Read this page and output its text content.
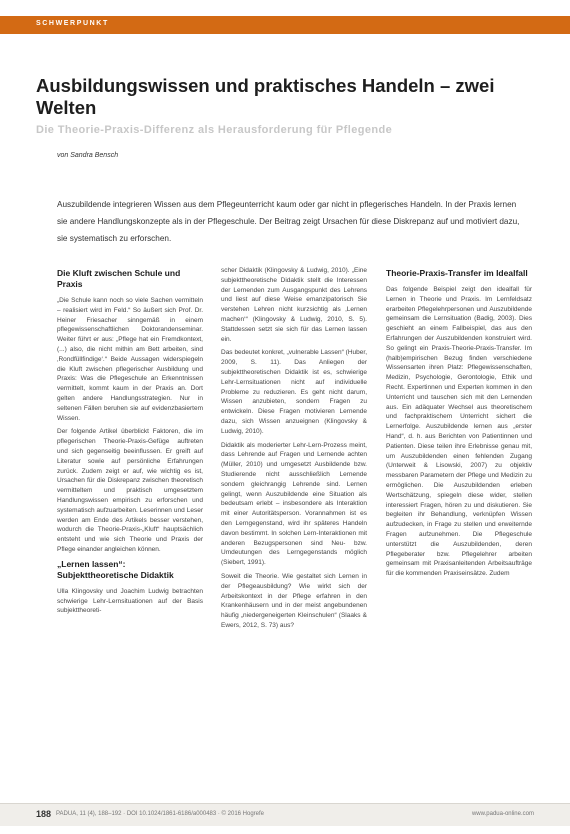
SCHWERPUNKT
Ausbildungswissen und praktisches Handeln – zwei Welten
Die Theorie-Praxis-Differenz als Herausforderung für Pflegende
von Sandra Bensch
Auszubildende integrieren Wissen aus dem Pflegeunterricht kaum oder gar nicht in pflegerisches Handeln. In der Praxis lernen sie andere Handlungskonzepte als in der Pflegeschule. Der Beitrag zeigt Ursachen für diese Diskrepanz auf und motiviert dazu, sie systematisch zu erforschen.
Die Kluft zwischen Schule und Praxis

„Die Schule kann noch so viele Sachen vermitteln – realisiert wird im Feld.“ So äußert sich Prof. Dr. Heiner Friesacher sinngemäß in einem pflegewissenschaftlichen Doktorandenseminar. Weiter führt er aus: „Pflege hat ein Fremdkontext, (...) also, die nicht mithin am Bett arbeiten, sind ‚Rondfüllfindige‘.“ Beide Aussagen widerspiegeln die Kluft zwischen pflegerischer Ausbildung und Praxis: Was die Pflegeschule an Erkenntnissen vermittelt, kommt kaum in der Praxis an. Dort gelten andere Handlungsstrategien. Nur in seltenen Fällen beruhen sie auf evidenzbasiertem Wissen.

Der folgende Artikel überblickt Faktoren, die im pflegerischen Theorie-Praxis-Gefüge auftreten und sich gegenseitig beeinflussen. Er greift auf Literatur sowie auf persönliche Erfahrungen zurück. Zudem zeigt er auf, wie wichtig es ist, Ursachen für die Diskrepanz zwischen theoretisch vermitteltem und praktisch umgesetztem Handlungswissen empirisch zu erforschen und systematisch aufzuarbeiten. Leserinnen und Leser werden am Ende des Artikels besser verstehen, wodurch die Theorie-Praxis-„Kluft“ hauptsächlich entsteht und wie sich Theorie und Praxis der Pflege einander angleichen können.

„Lernen lassen“: Subjekttheoretische Didaktik

Ulla Klingovsky und Joachim Ludwig betrachten schwierige Lehr-Lernsituationen auf der Basis subjekttheoreti-

scher Didaktik (Klingovsky & Ludwig, 2010). „Eine subjekttheoretische Didaktik stellt die Interessen der Lernenden zum Ausgangspunkt des Lehrens und liest auf diese Weise emanzipatorisch Sie verstehen Lehren nicht kurzsichtig als ‚Lernen machen‘“ (Klingovsky & Ludwig, 2010, S. 5). Stattdessen setzt sie sich für das Lernen lassen ein.

Das bedeutet konkret, „vulnerable Lassen“ (Huber, 2009, S. 11). Das Anliegen der subjekttheoretischen Didaktik ist es, schwierige Lehr-Lernsituationen nicht auf individuelle Probleme zu reduzieren. Es geht nicht darum, Wissen anzubieten, sondern Fragen zu entwickeln. Diese Fragen motivieren Lernende dazu, sich Wissen anzueignen (Klingovsky & Ludwig, 2010).

Didaktik als moderierter Lehr-Lern-Prozess meint, dass Lehrende auf Fragen und Lernende achten (Müller, 2010) und umgesetzt Ausbildende bzw. Studierende nicht ausschließlich Lernende sondern gleichrangig Lehrende sind. Lernen gelingt, wenn Auszubildende eine Situation als bedeutsam erlebt – insbesondere als Interaktion mit einer Autoritätsperson. Vorannahmen ist es den Lerngegenstand, wird ihr späteres Handeln davon bestimmt. In solchen Lern-Interaktionen mit anderen Bezugspersonen sind Neu- bzw. Umdeutungen des Lerngegenstands möglich (Siebert, 1991).

Soweit die Theorie. Wie gestaltet sich Lernen in der Pflegeausbildung? Wie wirkt sich der Arbeitskontext in der Pflege erfahren in den Krankenhäusern und in der meist angebundenen häufig „niedergeneigerten Kleinschulen“ (Slaaks & Ewers, 2012, S. 73) aus?

Theorie-Praxis-Transfer im Idealfall

Das folgende Beispiel zeigt den idealfall für Lernen in Theorie und Praxis. Im Lernfeldsatz erarbeiten Pflegelehrpersonen und Auszubildende gemeinsam die Lernsituation (Badig, 2003). Dies geschieht an einem Fallbeispiel, das aus den Erfahrungen der Auszubildenden konstruiert wird. So gelingt ein Praxis-Theorie-Praxis-Transfer. Im (halb)empirischen Bezug finden verschiedene Wissensarten ihren Platz: Pflegewissenschaften, Medizin, Psychologie, Gerontologie, Ethik und Recht. Expertinnen und Experten kommen in den Unterricht und tauschen sich mit den Lernenden aus. Ein adäquater Wechsel aus theoretischem und fachpraktischem Unterricht sichert die Lernerfolge. Auszubildende lernen aus „erster Hand“, d. h. aus Berichten von Patientinnen und Patienten. Diese teilen ihre Erlebnisse genau mit, um Auszubildenden einen fehlenden Zugang (Unterweit & Lisowski, 2007) zu objektiv messbaren Parametern der Pflege und Medizin zu ermöglichen. Die Auszubildenden erleben Wertschätzung, spiegeln diese wider, stellen interessiert Fragen, hören zu und diskutieren. Sie begleiten ihr Behandlung, verknüpfen Wissen aufzudecken, in Frage zu stellen und erweiternde Fragen aufzunehmen. Die Pflegeschule unterstützt die Auszubildenden, deren Pflegeberater bzw. Pflegelehrer arbeiten gemeinsam mit Praxisanleitenden Arbeitsaufträge für die kommenden Praxiseinsätze. Zudem

188 PADUA, 11 (4), 188–192 · DOI 10.1024/1861-6186/a000483 · © 2016 Hogrefe	www.padua-online.com
